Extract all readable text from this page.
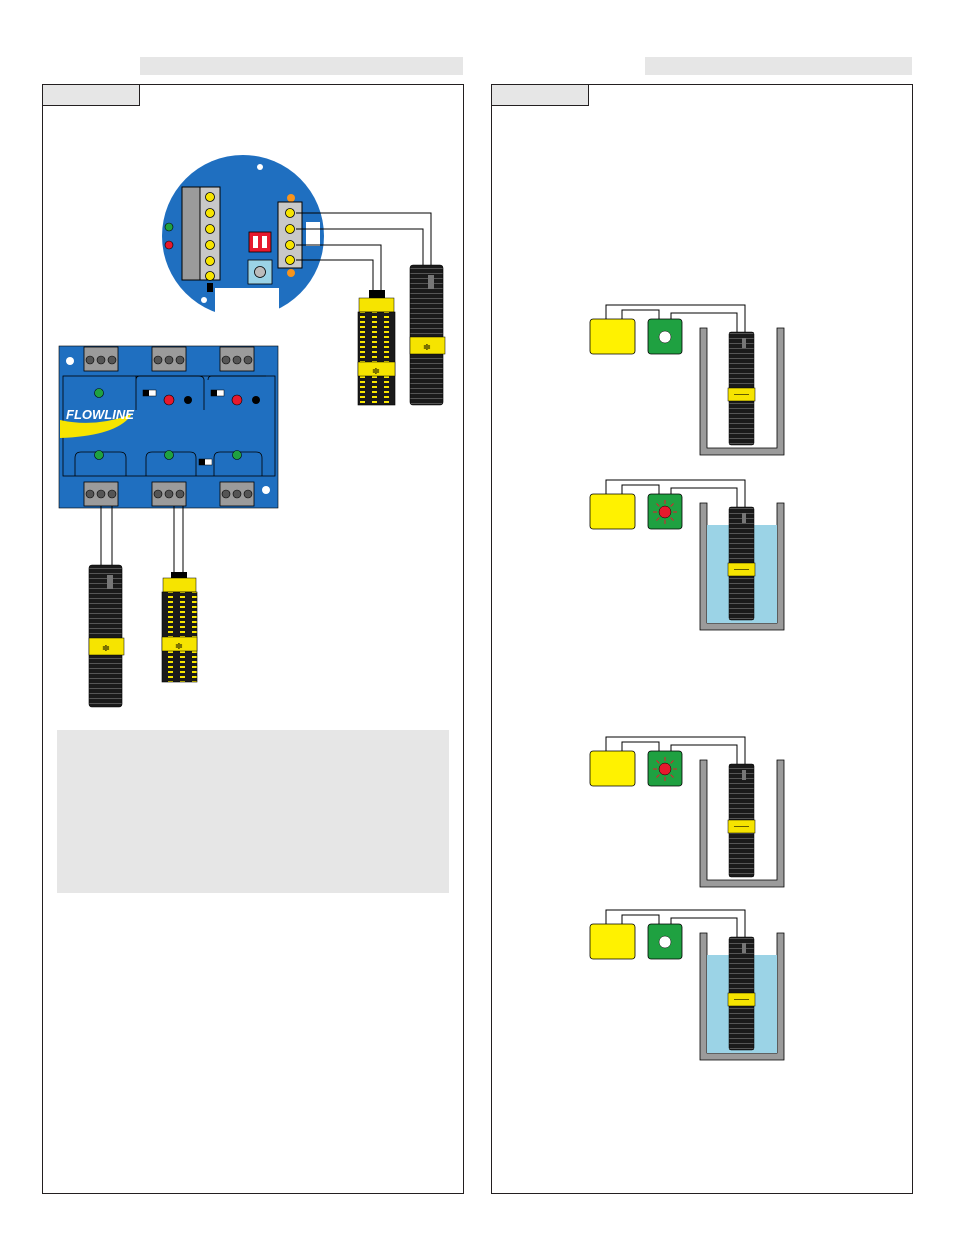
FLOWLINE
≑
≑
≑	≑
